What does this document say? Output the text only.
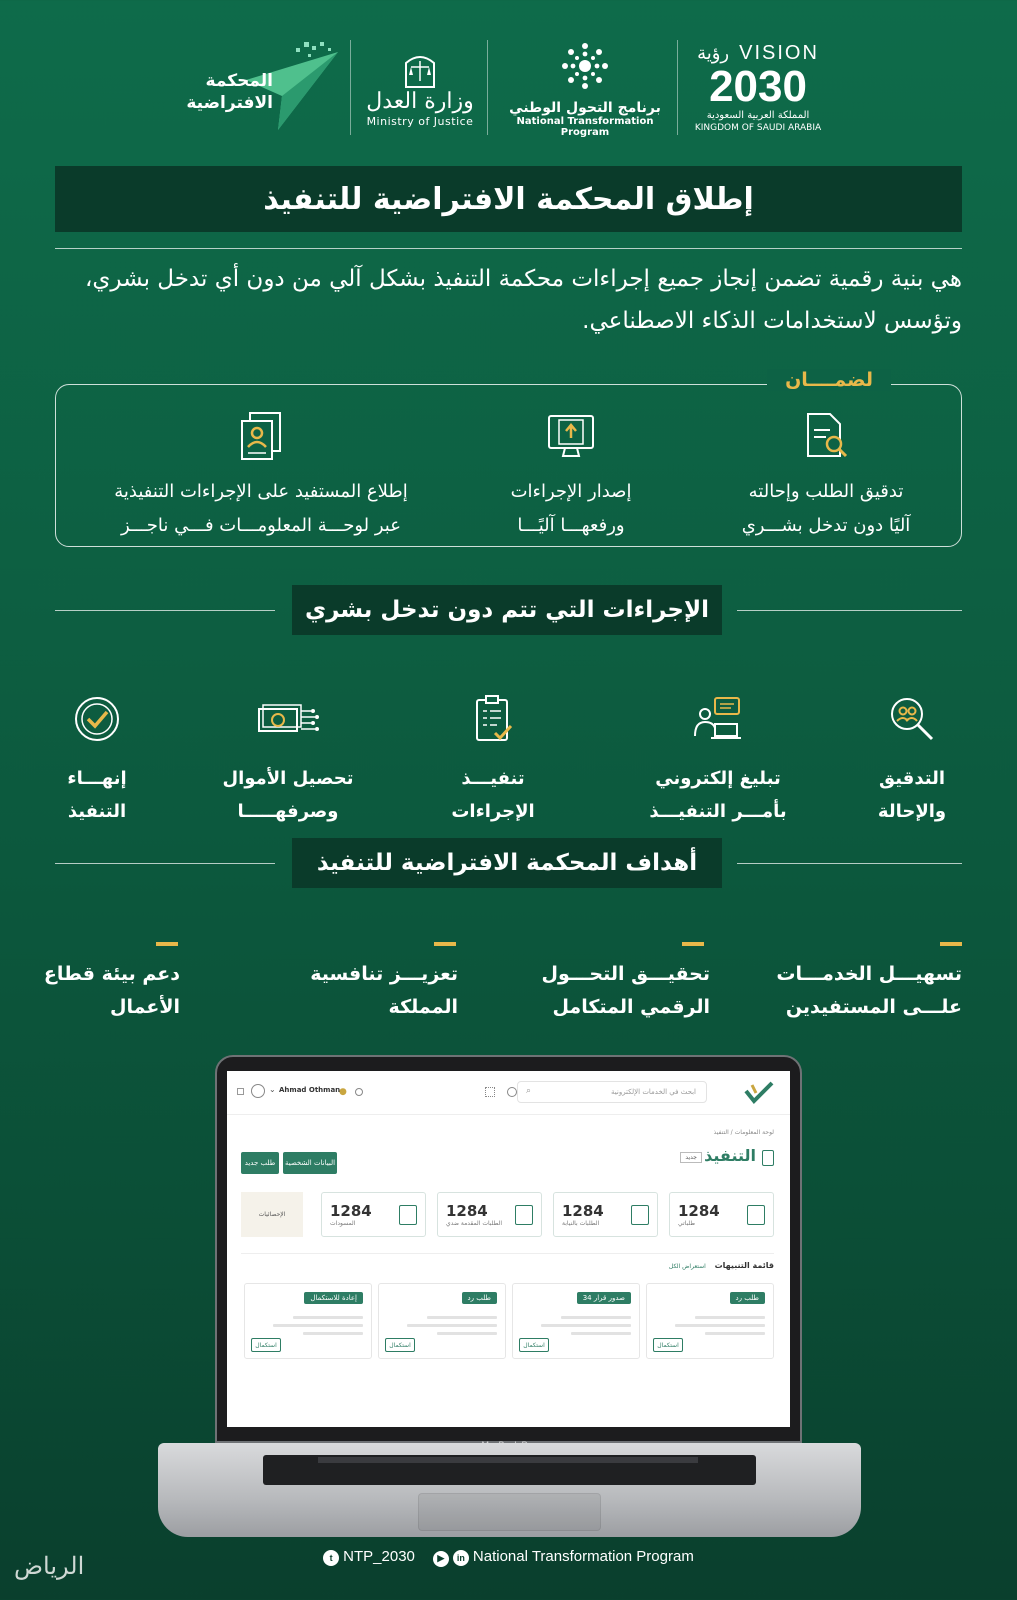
VISION
رؤية
2030
المملكة العربية السعودية
KINGDOM OF SAUDI ARABIA
برنامج التحول الوطني
National Transformation Program
وزارة العدل
Ministry of Justice
المحكمة
الافتراضية
إطلاق المحكمة الافتراضية للتنفيذ

هي بنية رقمية تضمن إنجاز جميع إجراءات محكمة التنفيذ بشكل آلي من دون أي تدخل بشري، وتؤسس لاستخدامات الذكاء الاصطناعي.

لضمــــان
تدقيق الطلب وإحالته
آليًا دون تدخل بشـــري
إصدار الإجراءات
ورفعهـــا آليًـــا
إطلاع المستفيد على الإجراءات التنفيذية
عبر لوحـــة المعلومـــات فـــي ناجـــز
الإجراءات التي تتم دون تدخل بشري
التدقيق
والإحالة
تبليغ إلكتروني
بأمـــر التنفيـــذ
تنفيـــذ
الإجراءات
تحصيل الأموال
وصرفهـــــا
إنهـــاء
التنفيذ
أهداف المحكمة الافتراضية للتنفيذ
تسهيـــل الخدمـــات
علـــى المستفيدين
تحقيـــق التحـــول
الرقمي المتكامل
تعزيـــز تنافسية
المملكة
دعم بيئة قطاع
الأعمال
⌕	ابحث في الخدمات الإلكترونية
●
Ahmad Othman
⌄
لوحة المعلومات / التنفيذ
التنفيذ
جديد
البيانات الشخصية
طلب جديد
1284
طلباتي
1284
الطلبات بالنيابة
1284
الطلبات المقدمة ضدي
1284
المسودات
الإحصائيات
قائمة التنبيهات استعراض الكل
طلب رد
استكمال
صدور قرار 34
استكمال
طلب رد
استكمال
إعادة للاستكمال
استكمال
t NTP_2030	▶ in National Transformation Program
الرياض
